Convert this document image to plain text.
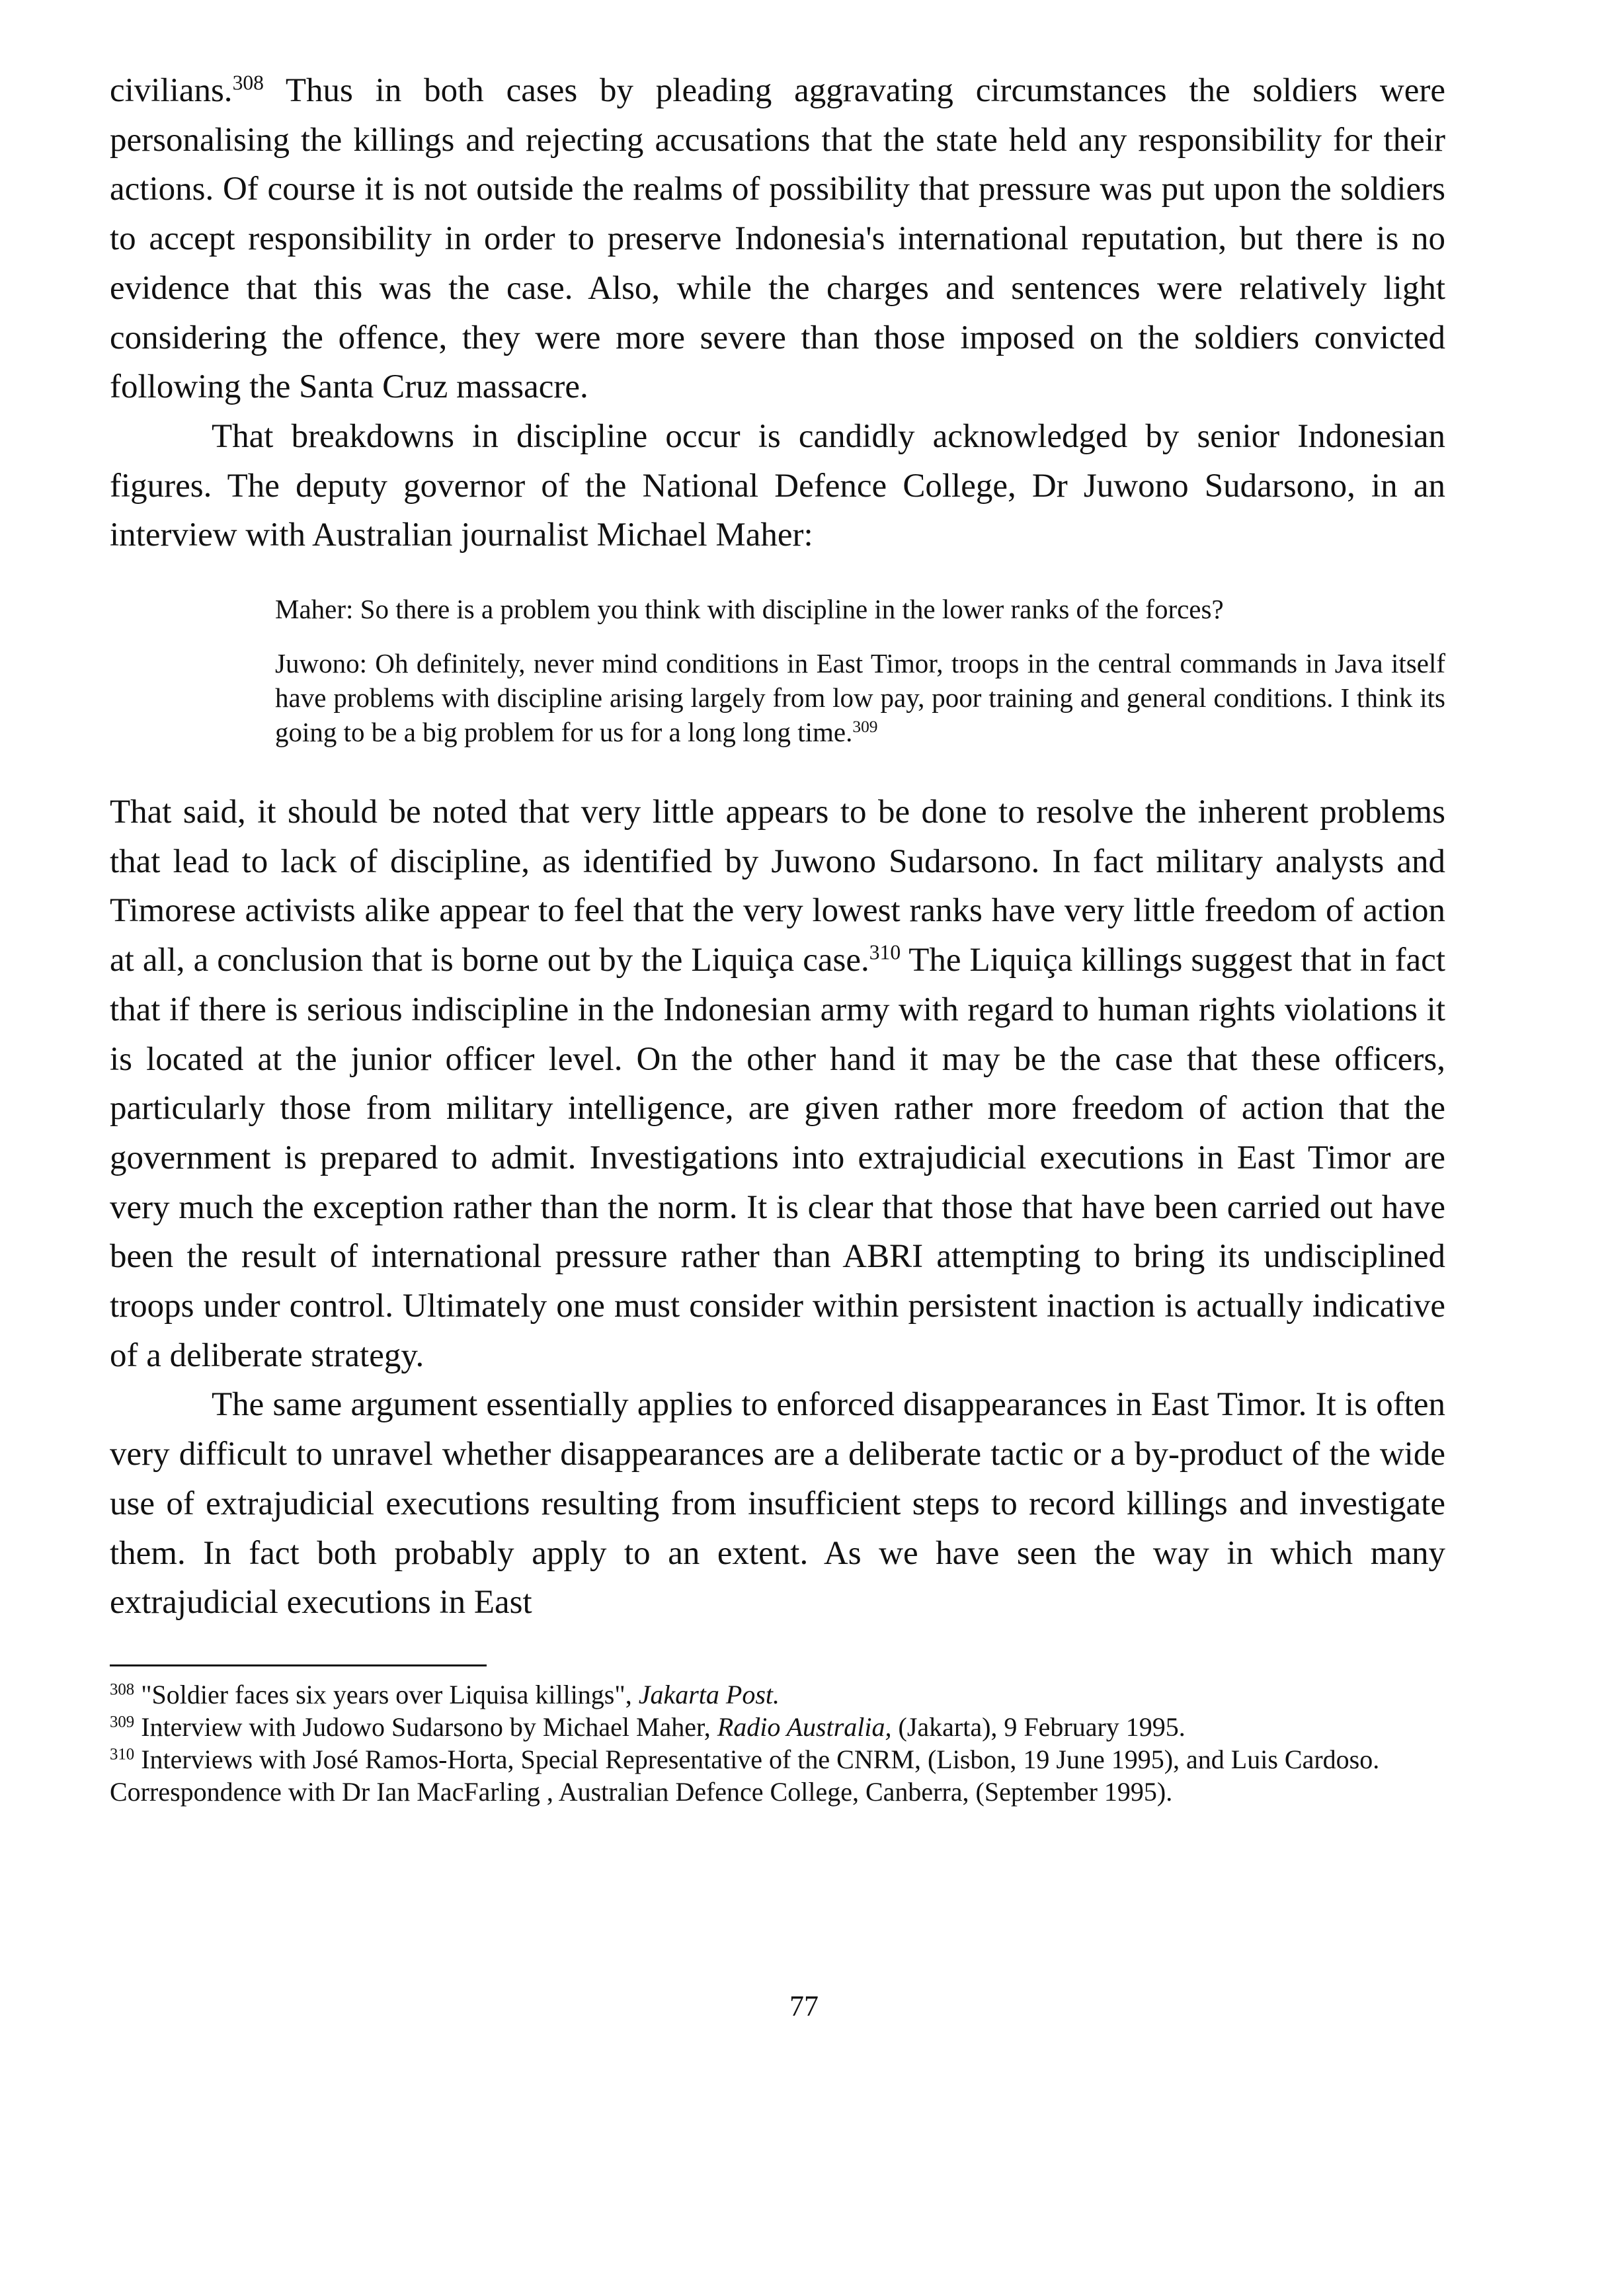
civilians.$^{308}$ Thus in both cases by pleading aggravating circumstances the soldiers were personalising the killings and rejecting accusations that the state held any responsibility for their actions. Of course it is not outside the realms of possibility that pressure was put upon the soldiers to accept responsibility in order to preserve Indonesia's international reputation, but there is no evidence that this was the case. Also, while the charges and sentences were relatively light considering the offence, they were more severe than those imposed on the soldiers convicted following the Santa Cruz massacre.

That breakdowns in discipline occur is candidly acknowledged by senior Indonesian figures. The deputy governor of the National Defence College, Dr Juwono Sudarsono, in an interview with Australian journalist Michael Maher:

Maher: So there is a problem you think with discipline in the lower ranks of the forces?

Juwono: Oh definitely, never mind conditions in East Timor, troops in the central commands in Java itself have problems with discipline arising largely from low pay, poor training and general conditions. I think its going to be a big problem for us for a long long time.$^{309}$

That said, it should be noted that very little appears to be done to resolve the inherent problems that lead to lack of discipline, as identified by Juwono Sudarsono. In fact military analysts and Timorese activists alike appear to feel that the very lowest ranks have very little freedom of action at all, a conclusion that is borne out by the Liquiça case.$^{310}$ The Liquiça killings suggest that in fact that if there is serious indiscipline in the Indonesian army with regard to human rights violations it is located at the junior officer level. On the other hand it may be the case that these officers, particularly those from military intelligence, are given rather more freedom of action that the government is prepared to admit. Investigations into extrajudicial executions in East Timor are very much the exception rather than the norm. It is clear that those that have been carried out have been the result of international pressure rather than ABRI attempting to bring its undisciplined troops under control. Ultimately one must consider within persistent inaction is actually indicative of a deliberate strategy.

The same argument essentially applies to enforced disappearances in East Timor. It is often very difficult to unravel whether disappearances are a deliberate tactic or a by-product of the wide use of extrajudicial executions resulting from insufficient steps to record killings and investigate them. In fact both probably apply to an extent. As we have seen the way in which many extrajudicial executions in East

$^{308}$ "Soldier faces six years over Liquisa killings", Jakarta Post.

$^{309}$ Interview with Judowo Sudarsono by Michael Maher, Radio Australia, (Jakarta), 9 February 1995.

$^{310}$ Interviews with José Ramos-Horta, Special Representative of the CNRM, (Lisbon, 19 June 1995), and Luis Cardoso. Correspondence with Dr Ian MacFarling , Australian Defence College, Canberra, (September 1995).

77
